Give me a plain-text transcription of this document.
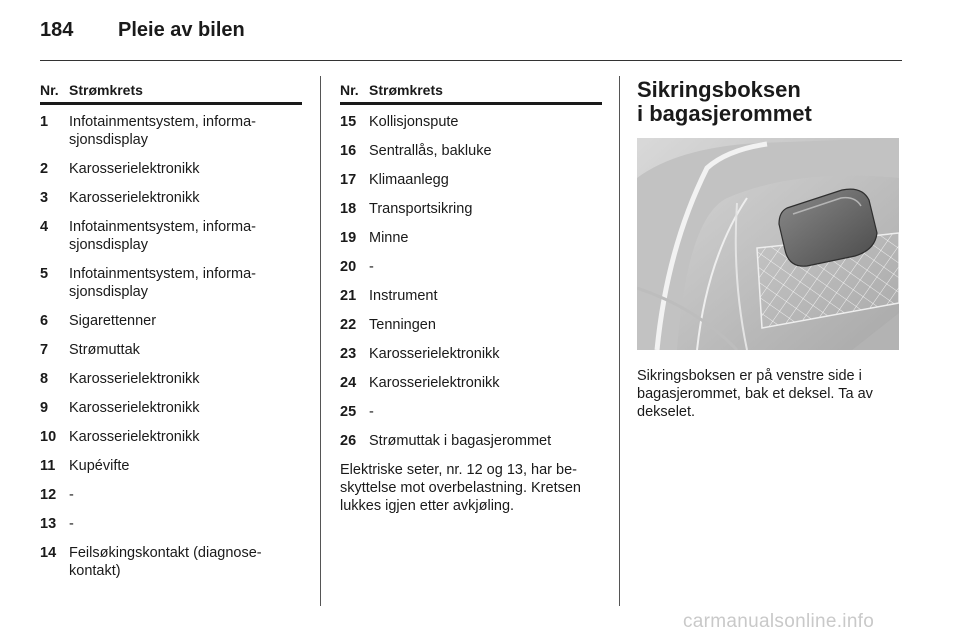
184	Pleie av bilen
Nr. Strømkrets
1	Infotainmentsystem, informasjonsdisplay
2	Karosserielektronikk
3	Karosserielektronikk
4	Infotainmentsystem, informasjonsdisplay
5	Infotainmentsystem, informasjonsdisplay
6	Sigarettenner
7	Strømuttak
8	Karosserielektronikk
9	Karosserielektronikk
10 Karosserielektronikk
11 Kupévifte
12 -
13 -
14 Feilsøkingskontakt (diagnosekontakt)
Nr. Strømkrets
15 Kollisjonspute
16 Sentrallås, bakluke
17 Klimaanlegg
18 Transportsikring
19 Minne
20 -
21 Instrument
22 Tenningen
23 Karosserielektronikk
24 Karosserielektronikk
25 -
26 Strømuttak i bagasjerommet

Elektriske seter, nr. 12 og 13, har beskyttelse mot overbelastning. Kretsen lukkes igjen etter avkjøling.

Sikringsboksen
i bagasjerommet

Sikringsboksen er på venstre side i bagasjerommet, bak et deksel. Ta av dekselet.

carmanualsonline.info
